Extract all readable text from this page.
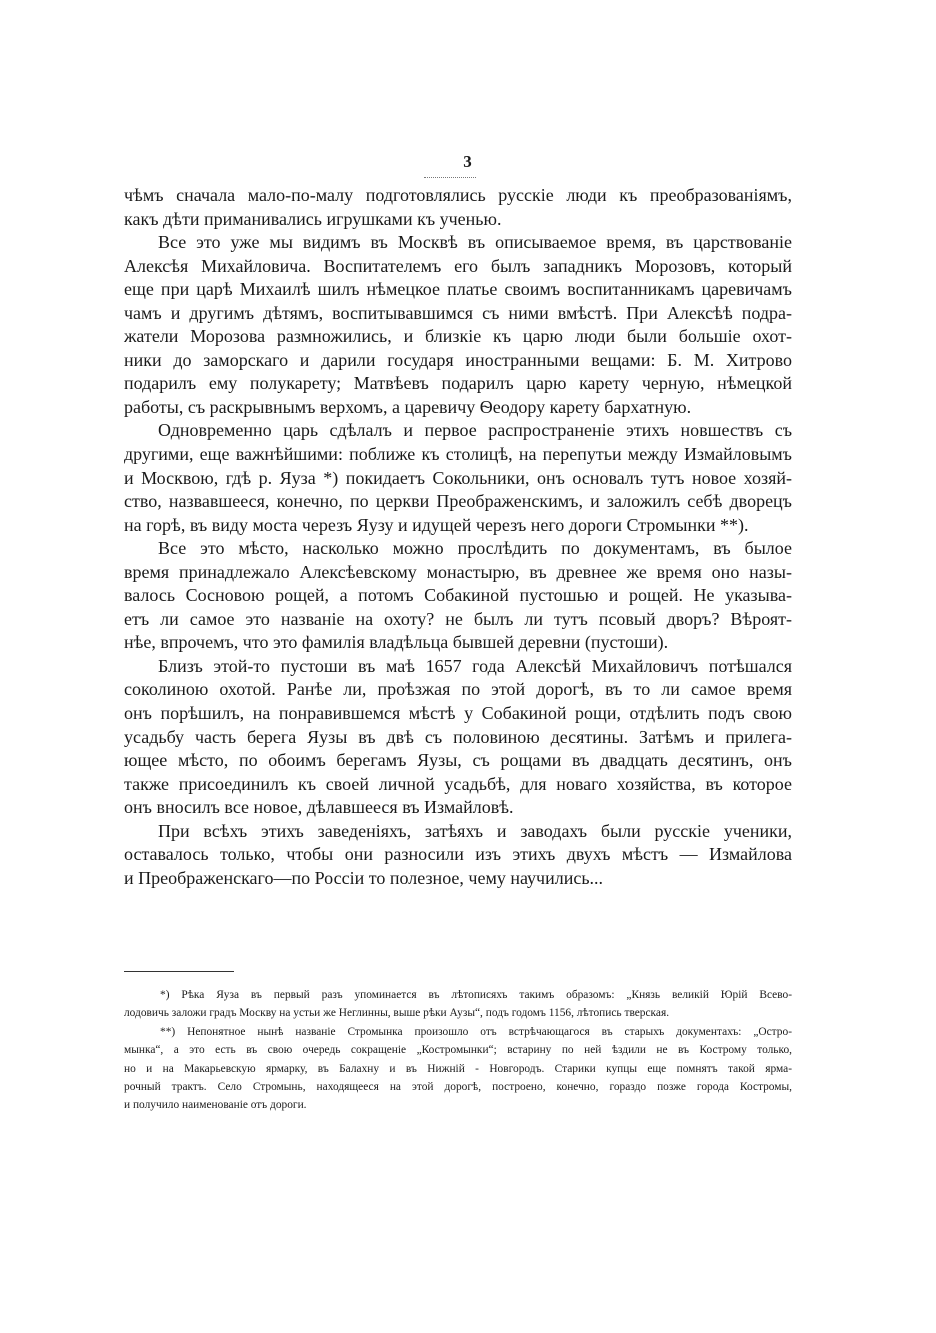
3
чѣмъ сначала мало-по-малу подготовлялись русскіе люди къ преобразованіямъ,
какъ дѣти приманивались игрушками къ ученью.
Все это уже мы видимъ въ Москвѣ въ описываемое время, въ царствованіе
Алексѣя Михайловича. Воспитателемъ его былъ западникъ Морозовъ, который
еще при царѣ Михаилѣ шилъ нѣмецкое платье своимъ воспитанникамъ царевичамъ
чамъ и другимъ дѣтямъ, воспитывавшимся съ ними вмѣстѣ. При Алексѣѣ подра-
жатели Морозова размножились, и близкіе къ царю люди были большіе охот-
ники до заморскаго и дарили государя иностранными вещами: Б. М. Хитрово
подарилъ ему полукарету; Матвѣевъ подарилъ царю карету черную, нѣмецкой
работы, съ раскрывнымъ верхомъ, а царевичу Ѳеодору карету бархатную.
Одновременно царь сдѣлалъ и первое распространеніе этихъ новшествъ съ
другими, еще важнѣйшими: поближе къ столицѣ, на перепутьи между Измайловымъ
и Москвою, гдѣ р. Яуза *) покидаетъ Сокольники, онъ основалъ тутъ новое хозяй-
ство, назвавшееся, конечно, по церкви Преображенскимъ, и заложилъ себѣ дворецъ
на горѣ, въ виду моста черезъ Яузу и идущей черезъ него дороги Стромынки **).
Все это мѣсто, насколько можно прослѣдить по документамъ, въ былое
время принадлежало Алексѣевскому монастырю, въ древнее же время оно назы-
валось Сосновою рощей, а потомъ Собакиной пустошью и рощей. Не указыва-
етъ ли самое это названіе на охоту? не былъ ли тутъ псовый дворъ? Вѣроят-
нѣе, впрочемъ, что это фамилія владѣльца бывшей деревни (пустоши).
Близъ этой-то пустоши въ маѣ 1657 года Алексѣй Михайловичъ потѣшался
соколиною охотой. Ранѣе ли, проѣзжая по этой дорогѣ, въ то ли самое время
онъ порѣшилъ, на понравившемся мѣстѣ у Собакиной рощи, отдѣлить подъ свою
усадьбу часть берега Яузы въ двѣ съ половиною десятины. Затѣмъ и прилега-
ющее мѣсто, по обоимъ берегамъ Яузы, съ рощами въ двадцать десятинъ, онъ
также присоединилъ къ своей личной усадьбѣ, для новаго хозяйства, въ которое
онъ вносилъ все новое, дѣлавшееся въ Измайловѣ.
При всѣхъ этихъ заведеніяхъ, затѣяхъ и заводахъ были русскіе ученики,
оставалось только, чтобы они разносили изъ этихъ двухъ мѣстъ — Измайлова
и Преображенскаго—по Россіи то полезное, чему научились...
*) Рѣка Яуза въ первый разъ упоминается въ лѣтописяхъ такимъ образомъ: „Князь великій Юрій Всево-
лодовичь заложи градъ Москву на устьи же Неглинны, выше рѣки Аузы“, подъ годомъ 1156, лѣтопись тверская.
**) Непонятное нынѣ названіе Стромынка произошло отъ встрѣчающагося въ старыхъ документахъ: „Остро-
мынка“, а это есть въ свою очередь сокращеніе „Костромынки“; встарину по ней ѣздили не въ Кострому только,
но и на Макарьевскую ярмарку, въ Балахну и въ Нижній - Новгородъ. Старики купцы еще помнятъ такой ярма-
рочный трактъ. Село Стромынь, находящееся на этой дорогѣ, построено, конечно, гораздо позже города Костромы,
и получило наименованіе отъ дороги.
